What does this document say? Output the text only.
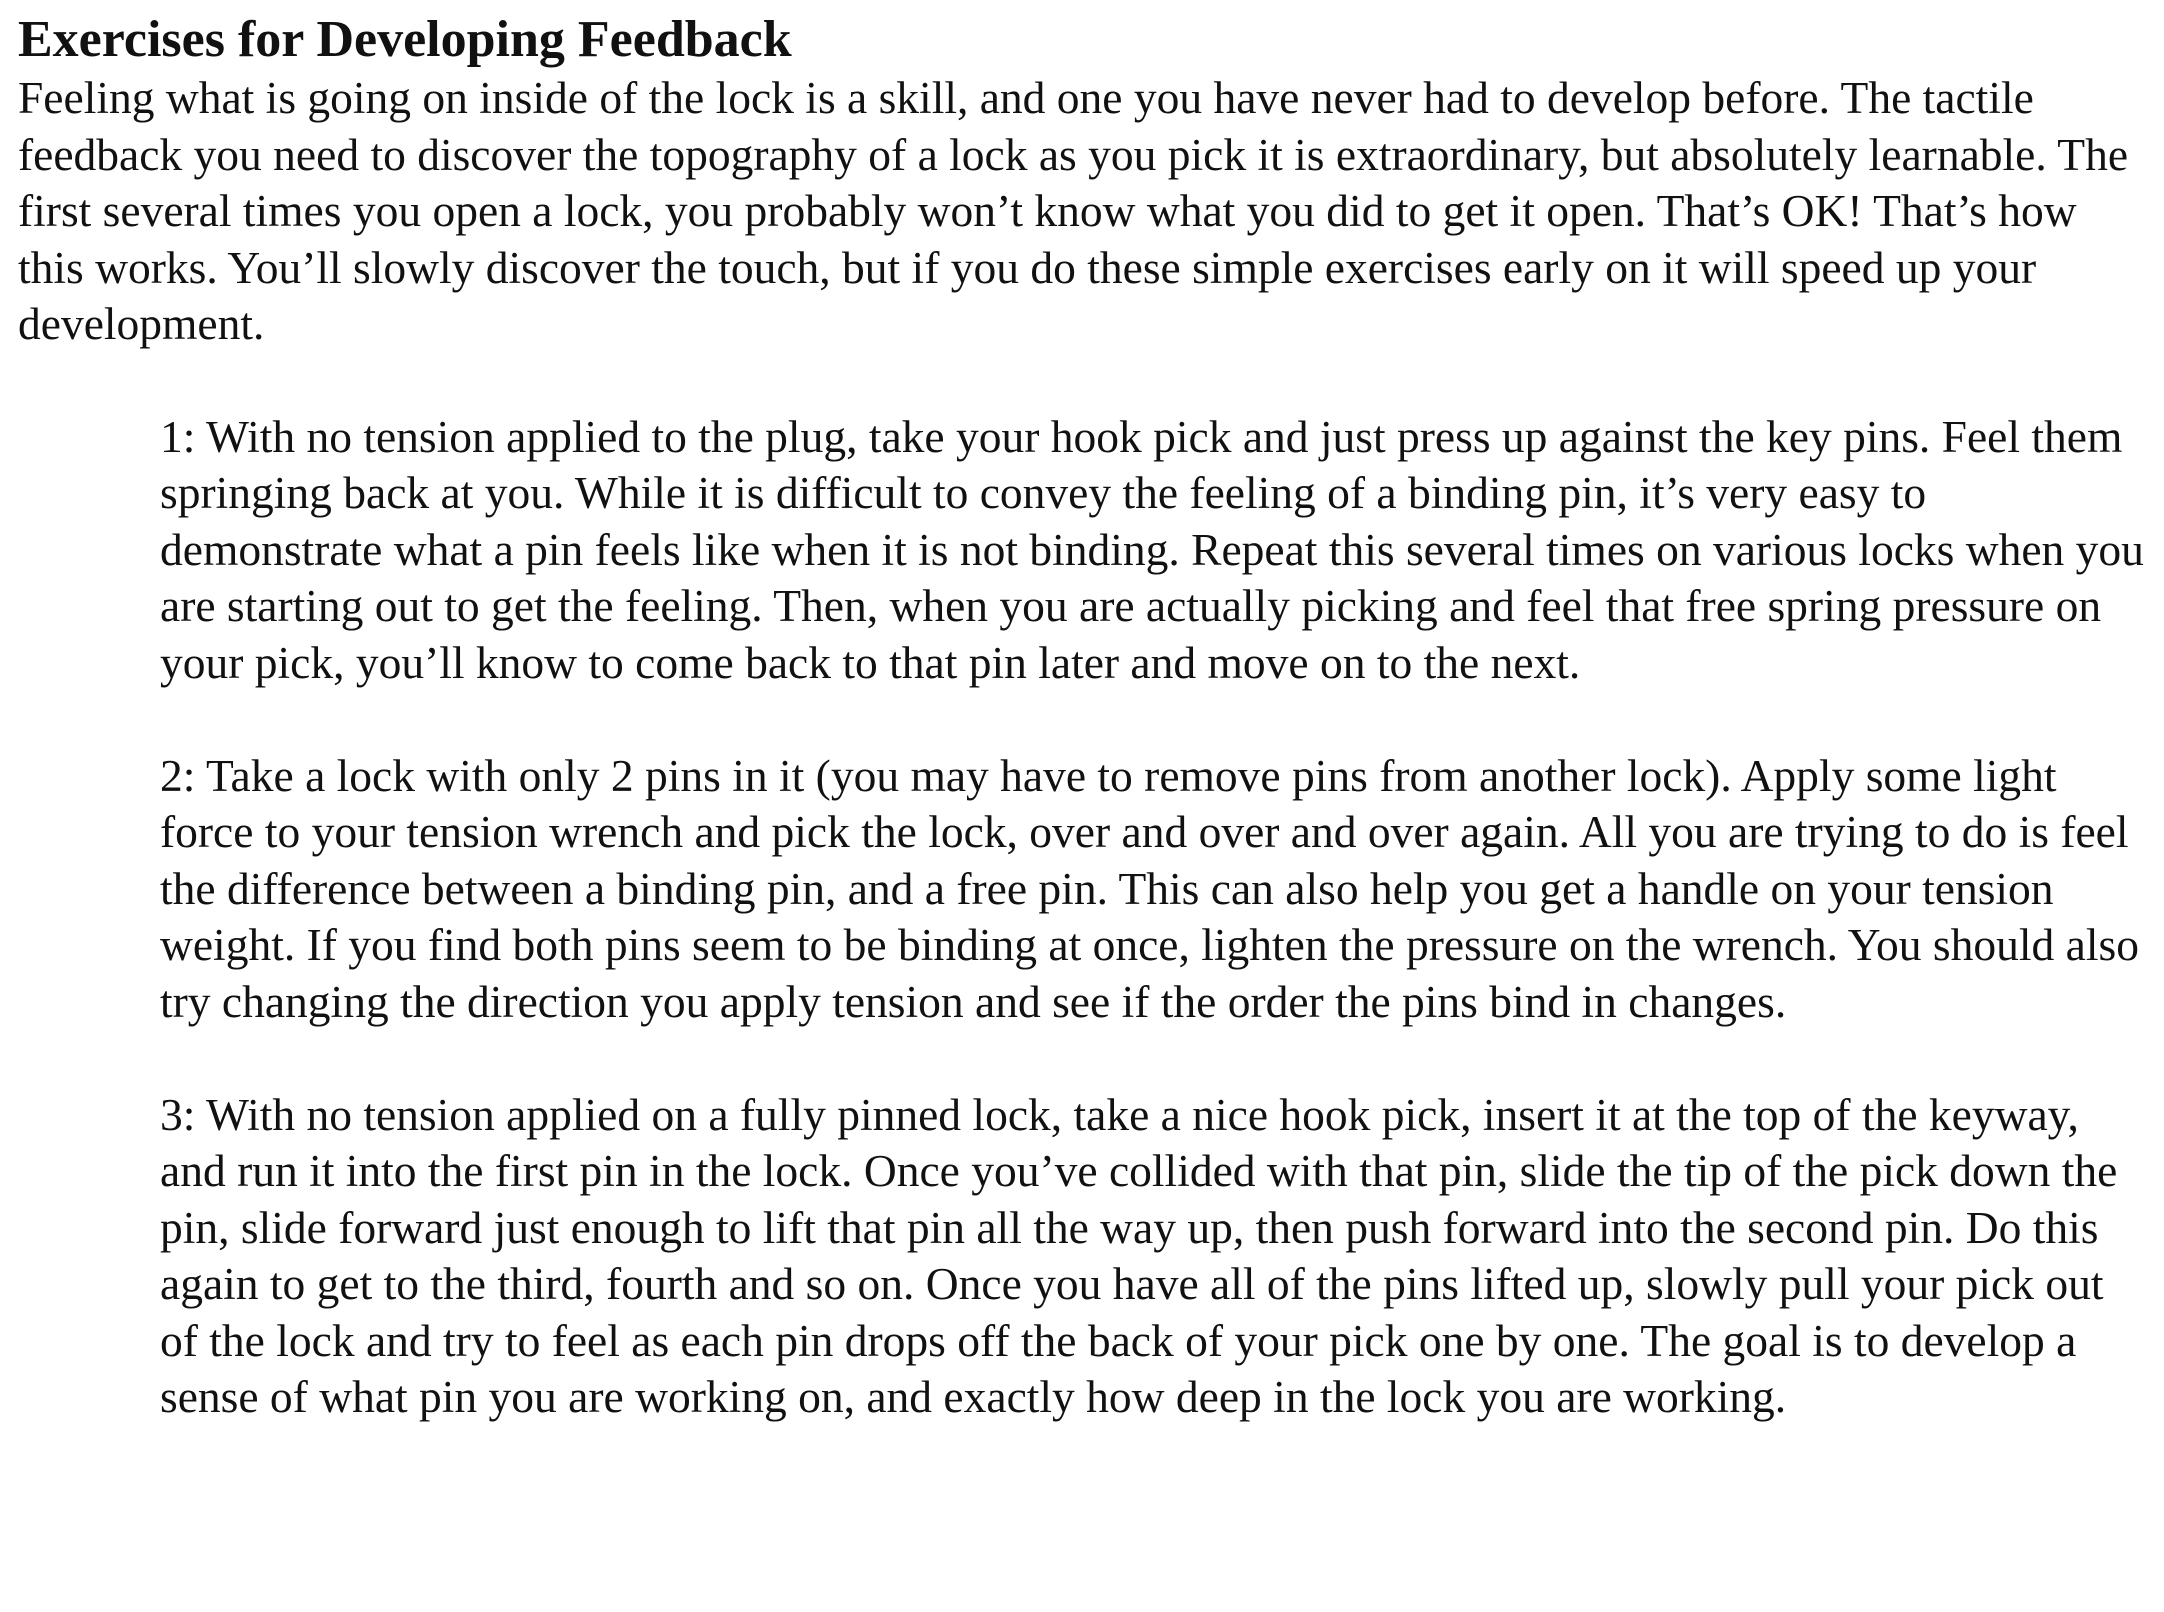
Exercises for Developing Feedback

Feeling what is going on inside of the lock is a skill, and one you have never had to develop before. The tactile feedback you need to discover the topography of a lock as you pick it is extraordinary, but absolutely learnable. The first several times you open a lock, you probably won’t know what you did to get it open. That’s OK! That’s how this works. You’ll slowly discover the touch, but if you do these simple exercises early on it will speed up your development.

1: With no tension applied to the plug, take your hook pick and just press up against the key pins. Feel them springing back at you. While it is difficult to convey the feeling of a binding pin, it’s very easy to demonstrate what a pin feels like when it is not binding. Repeat this several times on various locks when you are starting out to get the feeling. Then, when you are actually picking and feel that free spring pressure on your pick, you’ll know to come back to that pin later and move on to the next.
2: Take a lock with only 2 pins in it (you may have to remove pins from another lock). Apply some light force to your tension wrench and pick the lock, over and over and over again. All you are trying to do is feel the difference between a binding pin, and a free pin. This can also help you get a handle on your tension weight. If you find both pins seem to be binding at once, lighten the pressure on the wrench. You should also try changing the direction you apply tension and see if the order the pins bind in changes.
3: With no tension applied on a fully pinned lock, take a nice hook pick, insert it at the top of the keyway, and run it into the first pin in the lock. Once you’ve collided with that pin, slide the tip of the pick down the pin, slide forward just enough to lift that pin all the way up, then push forward into the second pin. Do this again to get to the third, fourth and so on. Once you have all of the pins lifted up, slowly pull your pick out of the lock and try to feel as each pin drops off the back of your pick one by one. The goal is to develop a sense of what pin you are working on, and exactly how deep in the lock you are working.
